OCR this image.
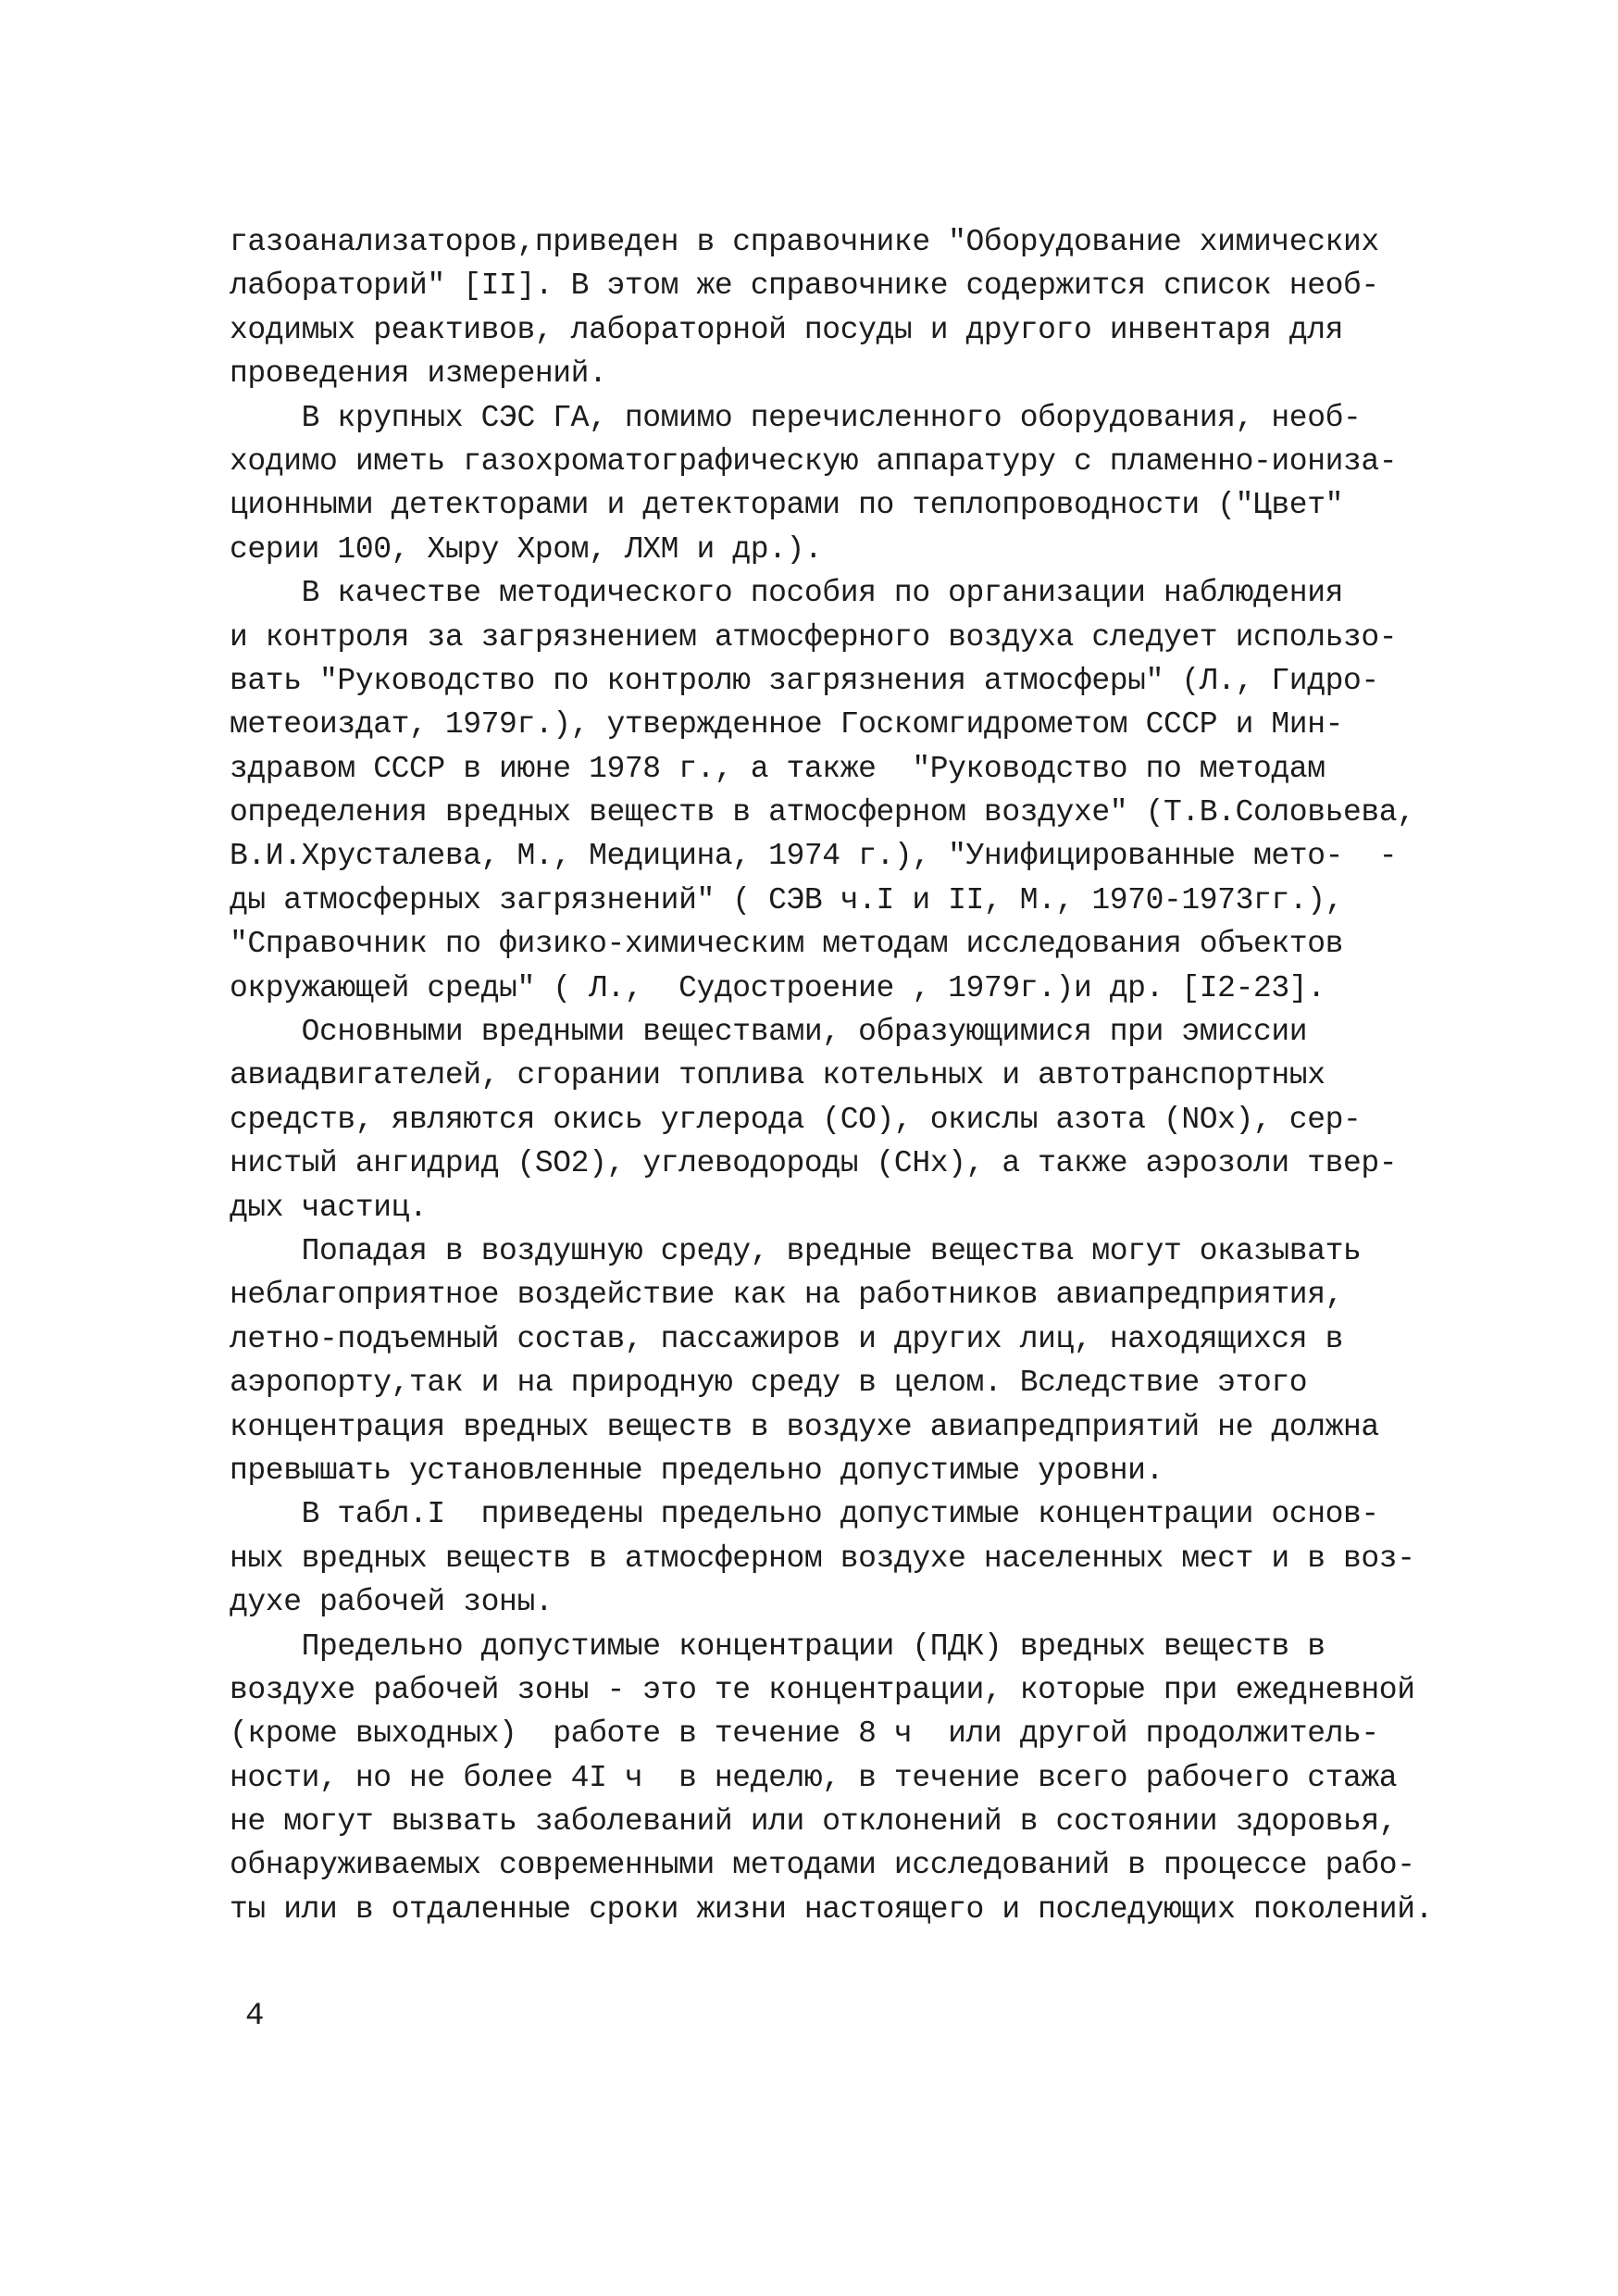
газоанализаторов,приведен в справочнике "Оборудование химических
лабораторий" [II]. В этом же справочнике содержится список необ-
ходимых реактивов, лабораторной посуды и другого инвентаря для
проведения измерений.
В крупных СЭС ГА, помимо перечисленного оборудования, необ-
ходимо иметь газохроматографическую аппаратуру с пламенно-иониза-
ционными детекторами и детекторами по теплопроводности ("Цвет"
серии 100, Хыру Хром, ЛХМ и др.).
В качестве методического пособия по организации наблюдения
и контроля за загрязнением атмосферного воздуха следует использо-
вать "Руководство по контролю загрязнения атмосферы" (Л., Гидро-
метеоиздат, 1979г.), утвержденное Госкомгидрометом СССР и Мин-
здравом СССР в июне 1978 г., а также  "Руководство по методам
определения вредных веществ в атмосферном воздухе" (Т.В.Соловьева,
В.И.Хрусталева, М., Медицина, 1974 г.), "Унифицированные мето-  -
ды атмосферных загрязнений" ( СЭВ ч.I и II, М., 1970-1973гг.),
"Справочник по физико-химическим методам исследования объектов
окружающей среды" ( Л.,  Судостроение , 1979г.)и др. [I2-23].
Основными вредными веществами, образующимися при эмиссии
авиадвигателей, сгорании топлива котельных и автотранспортных
средств, являются окись углерода (СО), окислы азота (NOx), сер-
нистый ангидрид (SO2), углеводороды (CHx), а также аэрозоли твер-
дых частиц.
Попадая в воздушную среду, вредные вещества могут оказывать
неблагоприятное воздействие как на работников авиапредприятия,
летно-подъемный состав, пассажиров и других лиц, находящихся в
аэропорту,так и на природную среду в целом. Вследствие этого
концентрация вредных веществ в воздухе авиапредприятий не должна
превышать установленные предельно допустимые уровни.
В табл.I  приведены предельно допустимые концентрации основ-
ных вредных веществ в атмосферном воздухе населенных мест и в воз-
духе рабочей зоны.
Предельно допустимые концентрации (ПДК) вредных веществ в
воздухе рабочей зоны - это те концентрации, которые при ежедневной
(кроме выходных)  работе в течение 8 ч  или другой продолжитель-
ности, но не более 4I ч  в неделю, в течение всего рабочего стажа
не могут вызвать заболеваний или отклонений в состоянии здоровья,
обнаруживаемых современными методами исследований в процессе рабо-
ты или в отдаленные сроки жизни настоящего и последующих поколений.
4
